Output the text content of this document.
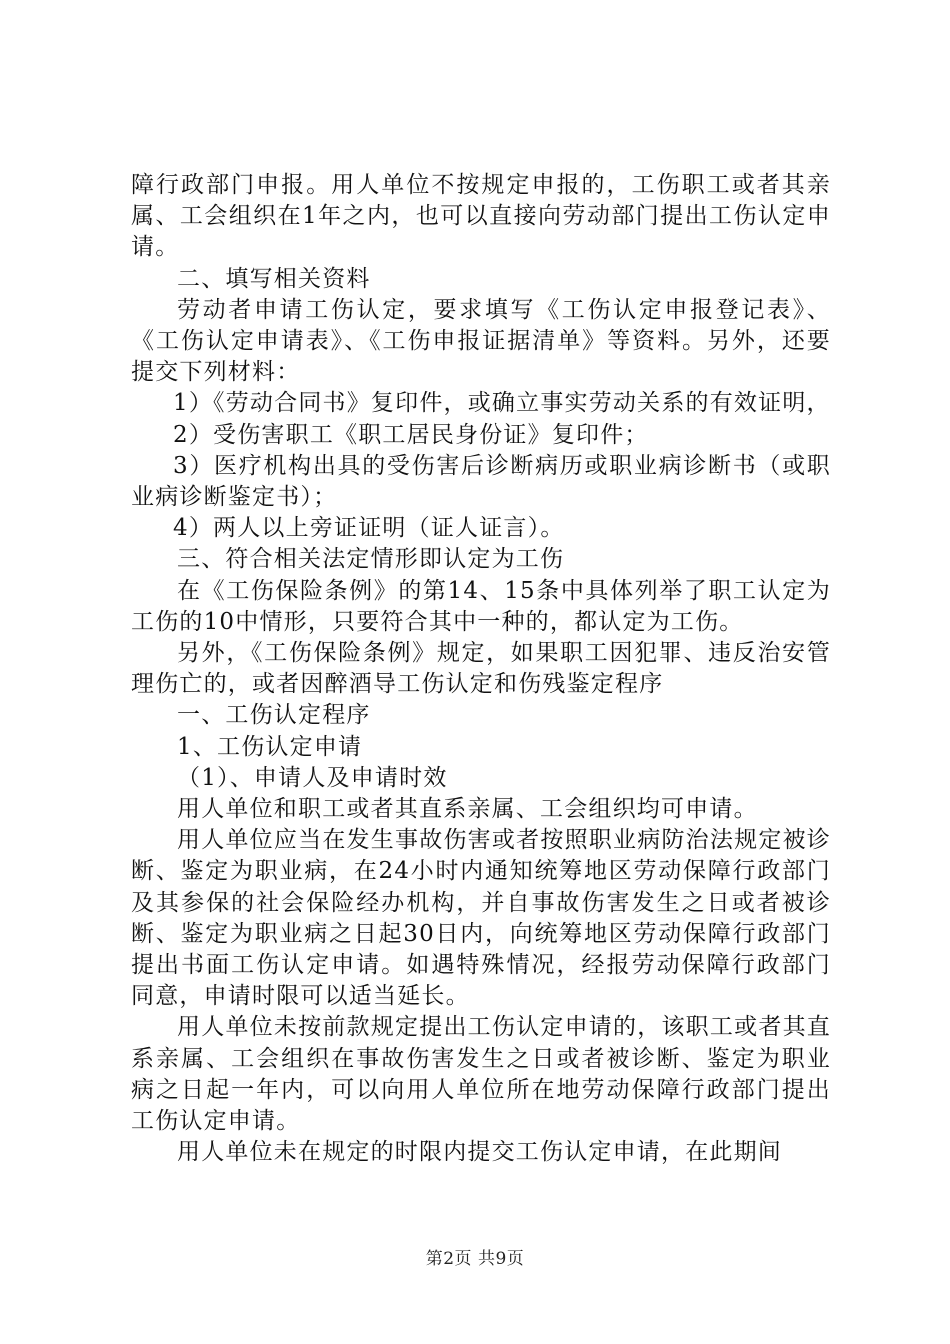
障行政部门申报。用人单位不按规定申报的，工伤职工或者其亲属、工会组织在1年之内，也可以直接向劳动部门提出工伤认定申请。

二、填写相关资料

劳动者申请工伤认定，要求填写《工伤认定申报登记表》、《工伤认定申请表》、《工伤申报证据清单》等资料。另外，还要提交下列材料：

1）《劳动合同书》复印件，或确立事实劳动关系的有效证明，

2）受伤害职工《职工居民身份证》复印件；

3）医疗机构出具的受伤害后诊断病历或职业病诊断书（或职业病诊断鉴定书）；

4）两人以上旁证证明（证人证言）。

三、符合相关法定情形即认定为工伤

在《工伤保险条例》的第14、15条中具体列举了职工认定为工伤的10中情形，只要符合其中一种的，都认定为工伤。

另外，《工伤保险条例》规定，如果职工因犯罪、违反治安管理伤亡的，或者因醉酒导工伤认定和伤残鉴定程序

一、工伤认定程序

1、工伤认定申请

（1）、申请人及申请时效

用人单位和职工或者其直系亲属、工会组织均可申请。

用人单位应当在发生事故伤害或者按照职业病防治法规定被诊断、鉴定为职业病，在24小时内通知统筹地区劳动保障行政部门及其参保的社会保险经办机构，并自事故伤害发生之日或者被诊断、鉴定为职业病之日起30日内，向统筹地区劳动保障行政部门提出书面工伤认定申请。如遇特殊情况，经报劳动保障行政部门同意，申请时限可以适当延长。

用人单位未按前款规定提出工伤认定申请的，该职工或者其直系亲属、工会组织在事故伤害发生之日或者被诊断、鉴定为职业病之日起一年内，可以向用人单位所在地劳动保障行政部门提出工伤认定申请。

用人单位未在规定的时限内提交工伤认定申请，在此期间

第2页 共9页
